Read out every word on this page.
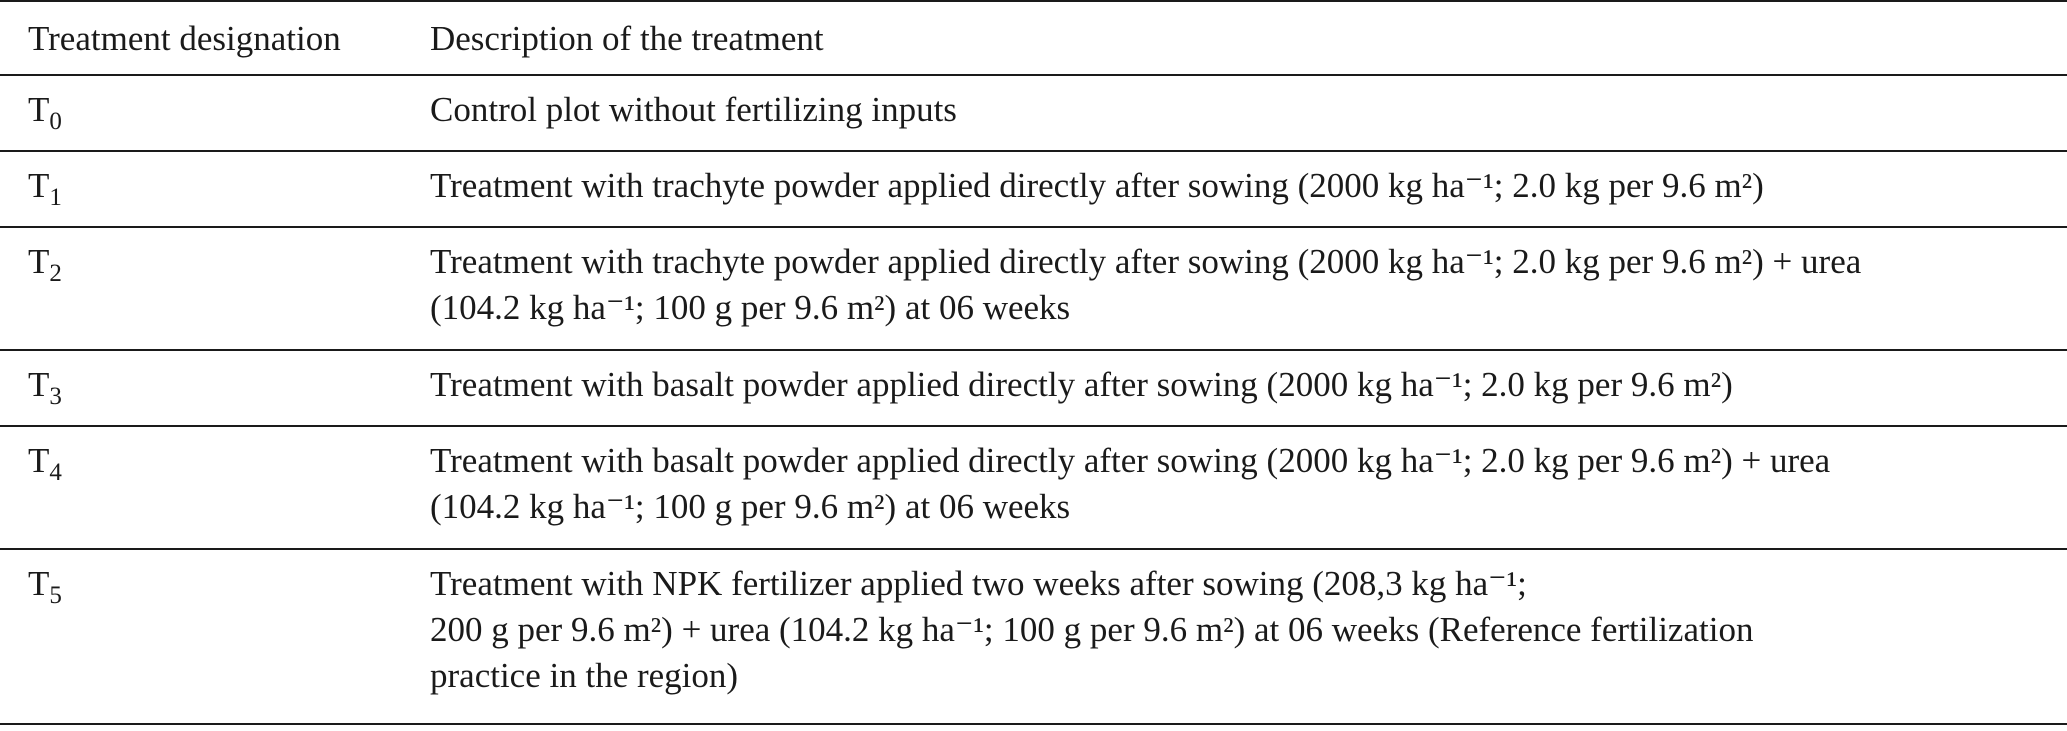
Treatment designation	Description of the treatment
$T_0$	Control plot without fertilizing inputs

$T_1$	Treatment with trachyte powder applied directly after sowing (2000 kg ha⁻¹; 2.0 kg per 9.6 m²)

$T_2$	Treatment with trachyte powder applied directly after sowing (2000 kg ha⁻¹; 2.0 kg per 9.6 m²) + urea
(104.2 kg ha⁻¹; 100 g per 9.6 m²) at 06 weeks

$T_3$	Treatment with basalt powder applied directly after sowing (2000 kg ha⁻¹; 2.0 kg per 9.6 m²)

$T_4$	Treatment with basalt powder applied directly after sowing (2000 kg ha⁻¹; 2.0 kg per 9.6 m²) + urea
(104.2 kg ha⁻¹; 100 g per 9.6 m²) at 06 weeks

$T_5$	Treatment with NPK fertilizer applied two weeks after sowing (208,3 kg ha⁻¹;
200 g per 9.6 m²) + urea (104.2 kg ha⁻¹; 100 g per 9.6 m²) at 06 weeks (Reference fertilization
practice in the region)
